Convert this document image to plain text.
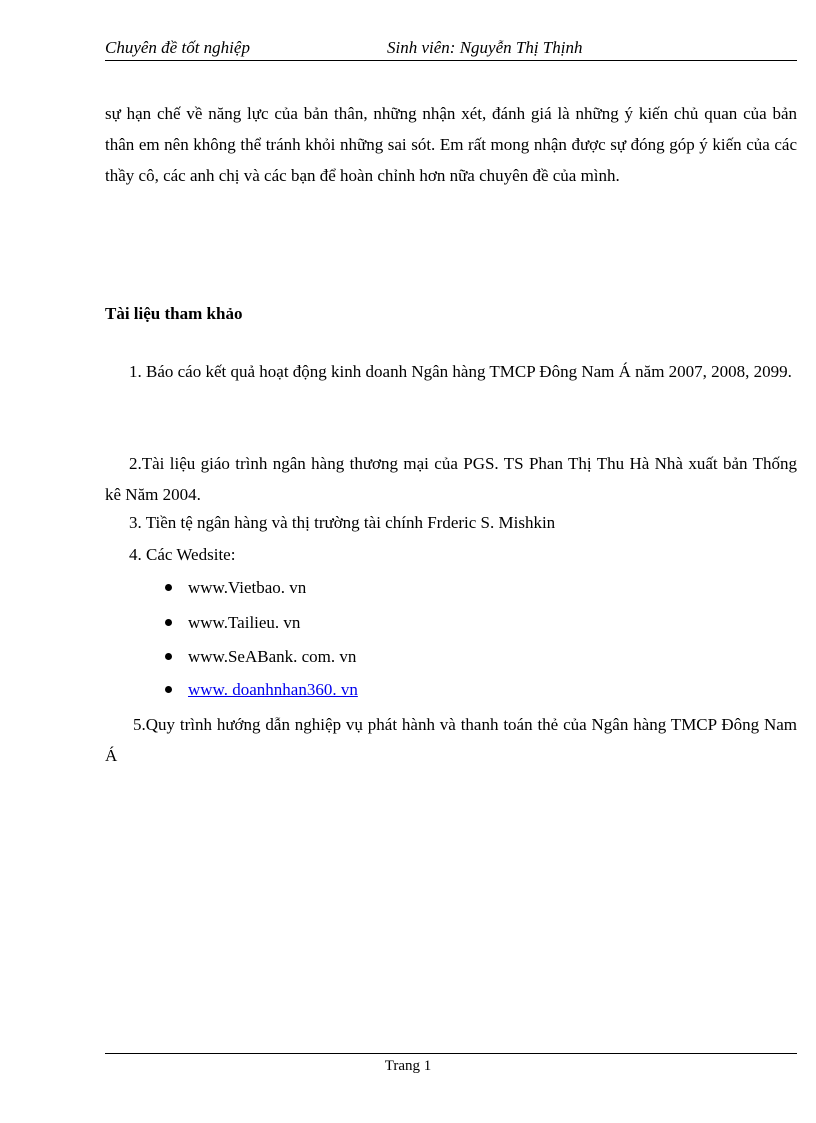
Chuyên đề tốt nghiệp	Sinh viên: Nguyễn Thị Thịnh
sự hạn chế về năng lực của bản thân, những nhận xét, đánh giá là những ý kiến chủ quan của bản thân em nên không thể tránh khỏi những sai sót. Em rất mong nhận được sự đóng góp ý kiến của các thầy cô, các anh chị và các bạn để hoàn chỉnh hơn nữa chuyên đề của mình.
Tài liệu tham khảo
1. Báo cáo kết quả hoạt động kinh doanh Ngân hàng TMCP Đông Nam Á năm 2007, 2008, 2099.
2.Tài liệu giáo trình ngân hàng thương mại của PGS. TS Phan Thị Thu Hà Nhà xuất bản Thống kê Năm 2004.
3. Tiền tệ ngân hàng và thị trường tài chính Frderic S. Mishkin
4. Các Wedsite:
www.Vietbao. vn
www.Tailieu. vn
www.SeABank. com. vn
www. doanhnhan360. vn
5.Quy trình hướng dẫn nghiệp vụ phát hành và thanh toán thẻ của Ngân hàng TMCP Đông Nam Á
Trang 1
